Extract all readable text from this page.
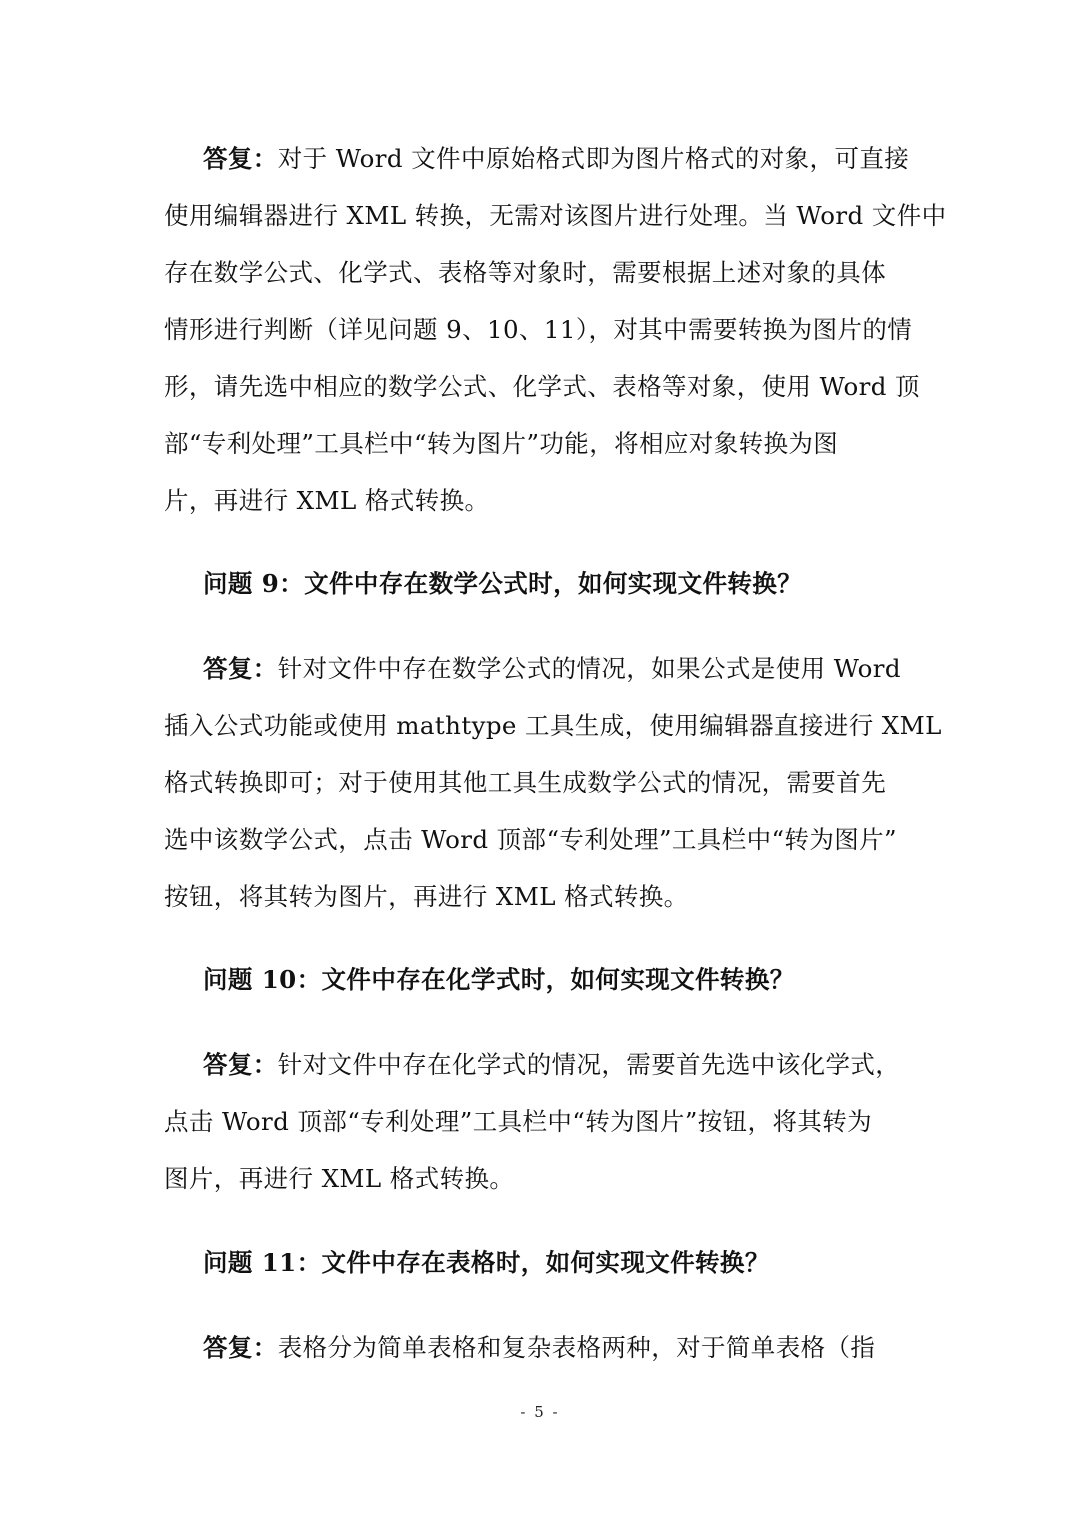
答复：对于 Word 文件中原始格式即为图片格式的对象，可直接
使用编辑器进行 XML 转换，无需对该图片进行处理。当 Word 文件中
存在数学公式、化学式、表格等对象时，需要根据上述对象的具体
情形进行判断（详见问题 9、10、11），对其中需要转换为图片的情
形，请先选中相应的数学公式、化学式、表格等对象，使用 Word 顶
部“专利处理”工具栏中“转为图片”功能，将相应对象转换为图
片，再进行 XML 格式转换。
问题 9：文件中存在数学公式时，如何实现文件转换？
答复：针对文件中存在数学公式的情况，如果公式是使用 Word
插入公式功能或使用 mathtype 工具生成，使用编辑器直接进行 XML
格式转换即可；对于使用其他工具生成数学公式的情况，需要首先
选中该数学公式，点击 Word 顶部“专利处理”工具栏中“转为图片”
按钮，将其转为图片，再进行 XML 格式转换。
问题 10：文件中存在化学式时，如何实现文件转换？
答复：针对文件中存在化学式的情况，需要首先选中该化学式，
点击 Word 顶部“专利处理”工具栏中“转为图片”按钮，将其转为
图片，再进行 XML 格式转换。
问题 11：文件中存在表格时，如何实现文件转换？
答复：表格分为简单表格和复杂表格两种，对于简单表格（指
- 5 -
